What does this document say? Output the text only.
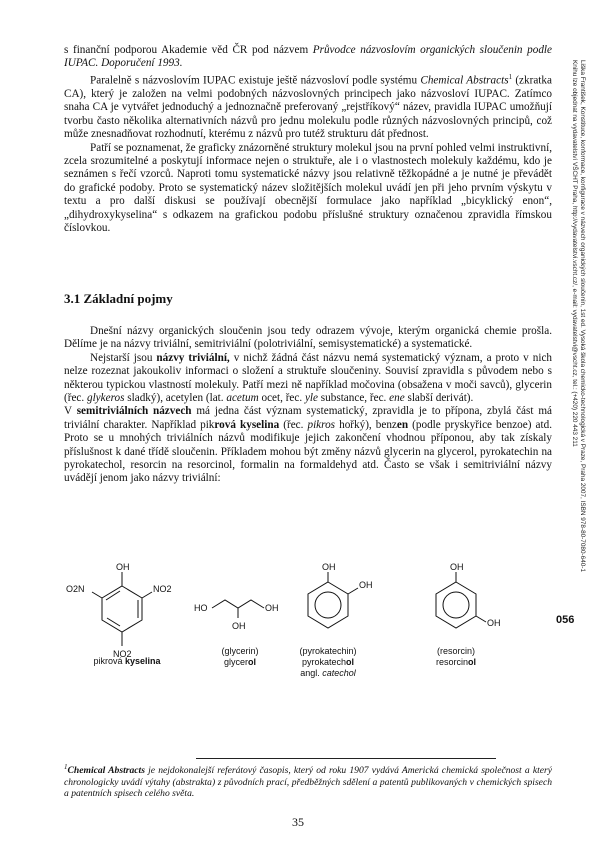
s finanční podporou Akademie věd ČR pod názvem Průvodce názvoslovím organických sloučenin podle IUPAC. Doporučení 1993.

Paralelně s názvoslovím IUPAC existuje ještě názvosloví podle systému Chemical Abstracts$^1$ (zkratka CA), který je založen na velmi podobných názvoslovných principech jako názvosloví IUPAC. Zatímco snaha CA je vytvářet jednoduchý a jednoznačně preferovaný „rejstříkový“ název, pravidla IUPAC umožňují tvorbu často několika alternativních názvů pro jednu molekulu podle různých názvoslovných principů, což může znesnadňovat rozhodnutí, kterému z názvů pro tutéž strukturu dát přednost.

Patří se poznamenat, že graficky znázorněné struktury molekul jsou na první pohled velmi instruktivní, zcela srozumitelné a poskytují informace nejen o struktuře, ale i o vlastnostech molekuly každému, kdo je seznámen s řečí vzorců. Naproti tomu systematické názvy jsou relativně těžkopádné a je nutné je převádět do grafické podoby. Proto se systematický název složitějších molekul uvádí jen při jeho prvním výskytu v textu a pro další diskusi se používají obecnější formulace jako například „bicyklický enon“, „dihydroxykyselina“ s odkazem na grafickou podobu příslušné struktury označenou zpravidla římskou číslovkou.

3.1 Základní pojmy

Dnešní názvy organických sloučenin jsou tedy odrazem vývoje, kterým organická chemie prošla. Dělíme je na názvy triviální, semitriviální (polotriviální, semisystematické) a systematické.

Nejstarší jsou názvy triviální, v nichž žádná část názvu nemá systematický význam, a proto v nich nelze rozeznat jakoukoliv informaci o složení a struktuře sloučeniny. Souvisí zpravidla s původem nebo s některou typickou vlastností molekuly. Patří mezi ně například močovina (obsažena v moči savců), glycerin (řec. glykeros sladký), acetylen (lat. acetum ocet, řec. yle substance, řec. ene slabší derivát).

V semitriviálních názvech má jedna část význam systematický, zpravidla je to přípona, zbylá část má triviální charakter. Například pikrová kyselina (řec. pikros hořký), benzen (podle pryskyřice benzoe) atd. Proto se u mnohých triviálních názvů modifikuje jejich zakončení vhodnou příponou, aby tak získaly příslušnost k dané třídě sloučenin. Příkladem mohou být změny názvů glycerin na glycerol, pyrokatechin na pyrokatechol, resorcin na resorcinol, formalin na formaldehyd atd. Často se však i semitriviální názvy uvádějí jenom jako názvy triviální:

OH
NO2
O2N
NO2
HO	OH
OH
OH
OH
OH
OH
pikrová kyselina
(glycerin)
glycerol
(pyrokatechin)
pyrokatechol
angl. catechol
(resorcin)
resorcinol
$^1$Chemical Abstracts je nejdokonalejší referátový časopis, který od roku 1907 vydává Americká chemická společnost a který chronologicky uvádí výtahy (abstrakta) z původních prací, předběžných sdělení a patentů publikovaných v chemických spisech a patentních spisech celého světa.
35
Liška František, Konstituce, konformace, konfigurace v názvech organických sloučenin, 1st ed. Vysoká škola chemicko-technologická v Praze, Praha 2007, ISBN 978-80-7080-640-1
Knihu lze objednat na vydavatelství VŠCHT Praha, http://vydavatelstvi.vscht.cz/, e-mail: vydavatelstvi@vscht.cz, tel.: (+420) 220 443 211
056
